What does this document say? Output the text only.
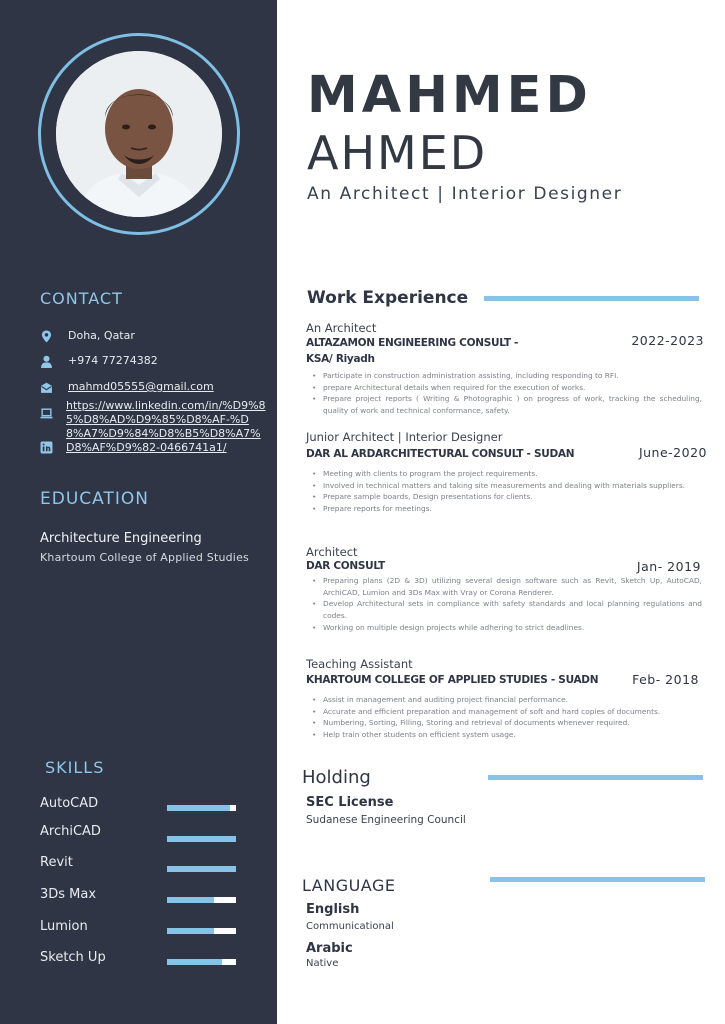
CONTACT
Doha, Qatar
+974 77274382
mahmd05555@gmail.com
https://www.linkedin.com/in/%D9%85%D8%AD%D9%85%D8%AF-%D8%A7%D9%84%D8%B5%D8%A7%D8%AF%D9%82-0466741a1/
EDUCATION
Architecture Engineering
Khartoum College of Applied Studies
SKILLS
AutoCAD
ArchiCAD
Revit
3Ds Max
Lumion
Sketch Up
MAHMED
AHMED
An Architect | Interior Designer
Work Experience
An Architect
ALTAZAMON ENGINEERING CONSULT -
KSA/ Riyadh
2022-2023
• Participate in construction administration assisting, including responding to RFI.
• prepare Architectural details when required for the execution of works.
• Prepare project reports ( Writing & Photographic ) on progress of work, tracking the scheduling, quality of work and technical conformance, safety.
Junior Architect | Interior Designer
DAR AL ARDARCHITECTURAL CONSULT - SUDAN	June-2020
• Meeting with clients to program the project requirements.
• Involved in technical matters and taking site measurements and dealing with materials suppliers.
• Prepare sample boards, Design presentations for clients.
• Prepare reports for meetings.
Architect
DAR CONSULT	Jan- 2019
• Preparing plans (2D & 3D) utilizing several design software such as Revit, Sketch Up, AutoCAD, ArchiCAD, Lumion and 3Ds Max with Vray or Corona Renderer.
• Develop Architectural sets in compliance with safety standards and local planning regulations and codes.
• Working on multiple design projects while adhering to strict deadlines.
Teaching Assistant
KHARTOUM COLLEGE OF APPLIED STUDIES - SUADN	Feb- 2018
• Assist in management and auditing project financial performance.
• Accurate and efficient preparation and management of soft and hard copies of documents.
• Numbering, Sorting, Filling, Storing and retrieval of documents whenever required.
• Help train other students on efficient system usage.
Holding
SEC License
Sudanese Engineering Council
LANGUAGE
English
Communicational
Arabic
Native
